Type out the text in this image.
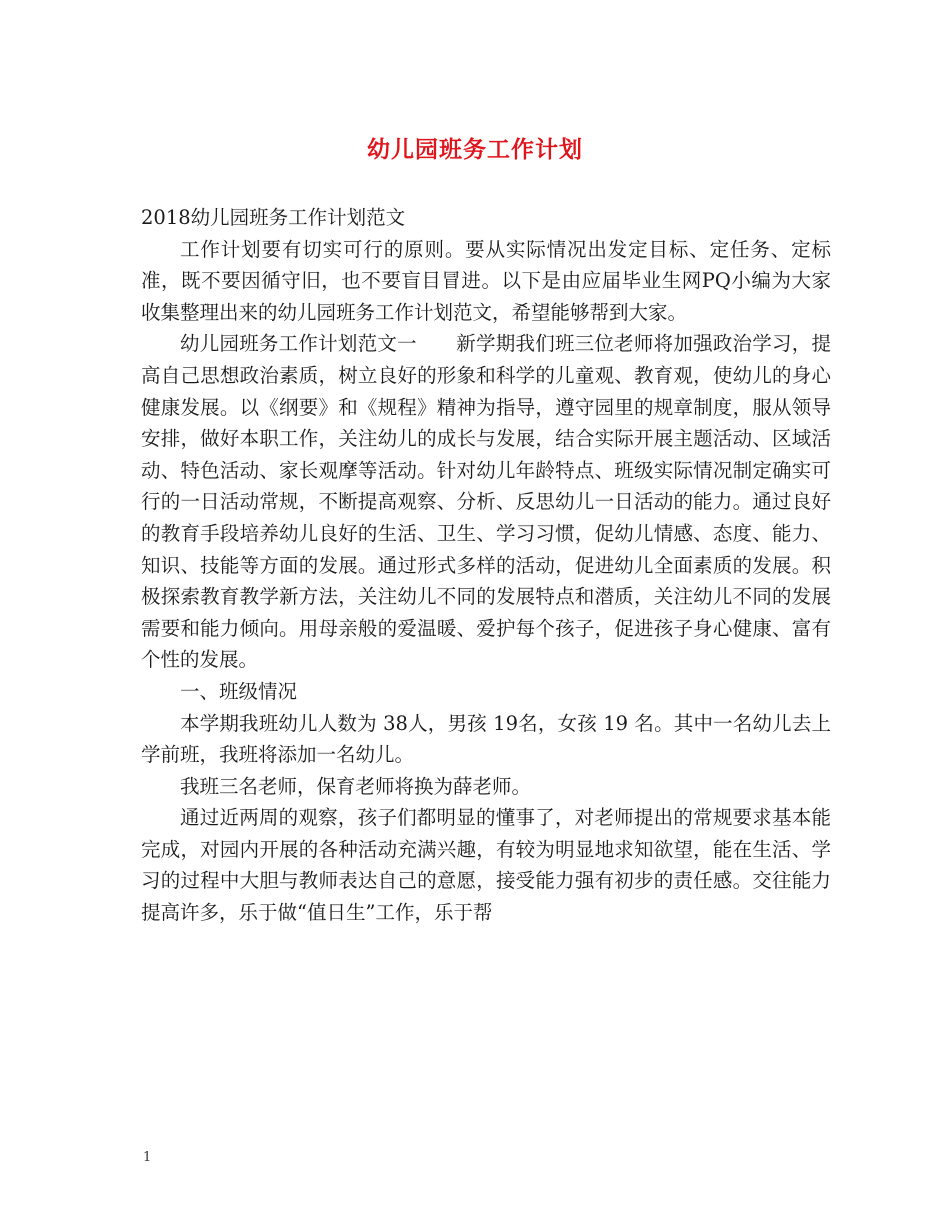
幼儿园班务工作计划

2018幼儿园班务工作计划范文

工作计划要有切实可行的原则。要从实际情况出发定目标、定任务、定标准，既不要因循守旧，也不要盲目冒进。以下是由应届毕业生网PQ小编为大家收集整理出来的幼儿园班务工作计划范文，希望能够帮到大家。

幼儿园班务工作计划范文一　　新学期我们班三位老师将加强政治学习，提高自己思想政治素质，树立良好的形象和科学的儿童观、教育观，使幼儿的身心健康发展。以《纲要》和《规程》精神为指导，遵守园里的规章制度，服从领导安排，做好本职工作，关注幼儿的成长与发展，结合实际开展主题活动、区域活动、特色活动、家长观摩等活动。针对幼儿年龄特点、班级实际情况制定确实可行的一日活动常规，不断提高观察、分析、反思幼儿一日活动的能力。通过良好的教育手段培养幼儿良好的生活、卫生、学习习惯，促幼儿情感、态度、能力、知识、技能等方面的发展。通过形式多样的活动，促进幼儿全面素质的发展。积极探索教育教学新方法，关注幼儿不同的发展特点和潜质，关注幼儿不同的发展需要和能力倾向。用母亲般的爱温暖、爱护每个孩子，促进孩子身心健康、富有个性的发展。

一、班级情况

本学期我班幼儿人数为 38人，男孩 19名，女孩 19 名。其中一名幼儿去上学前班，我班将添加一名幼儿。

我班三名老师，保育老师将换为薛老师。

通过近两周的观察，孩子们都明显的懂事了，对老师提出的常规要求基本能完成，对园内开展的各种活动充满兴趣，有较为明显地求知欲望，能在生活、学习的过程中大胆与教师表达自己的意愿，接受能力强有初步的责任感。交往能力提高许多，乐于做“值日生”工作，乐于帮

1
